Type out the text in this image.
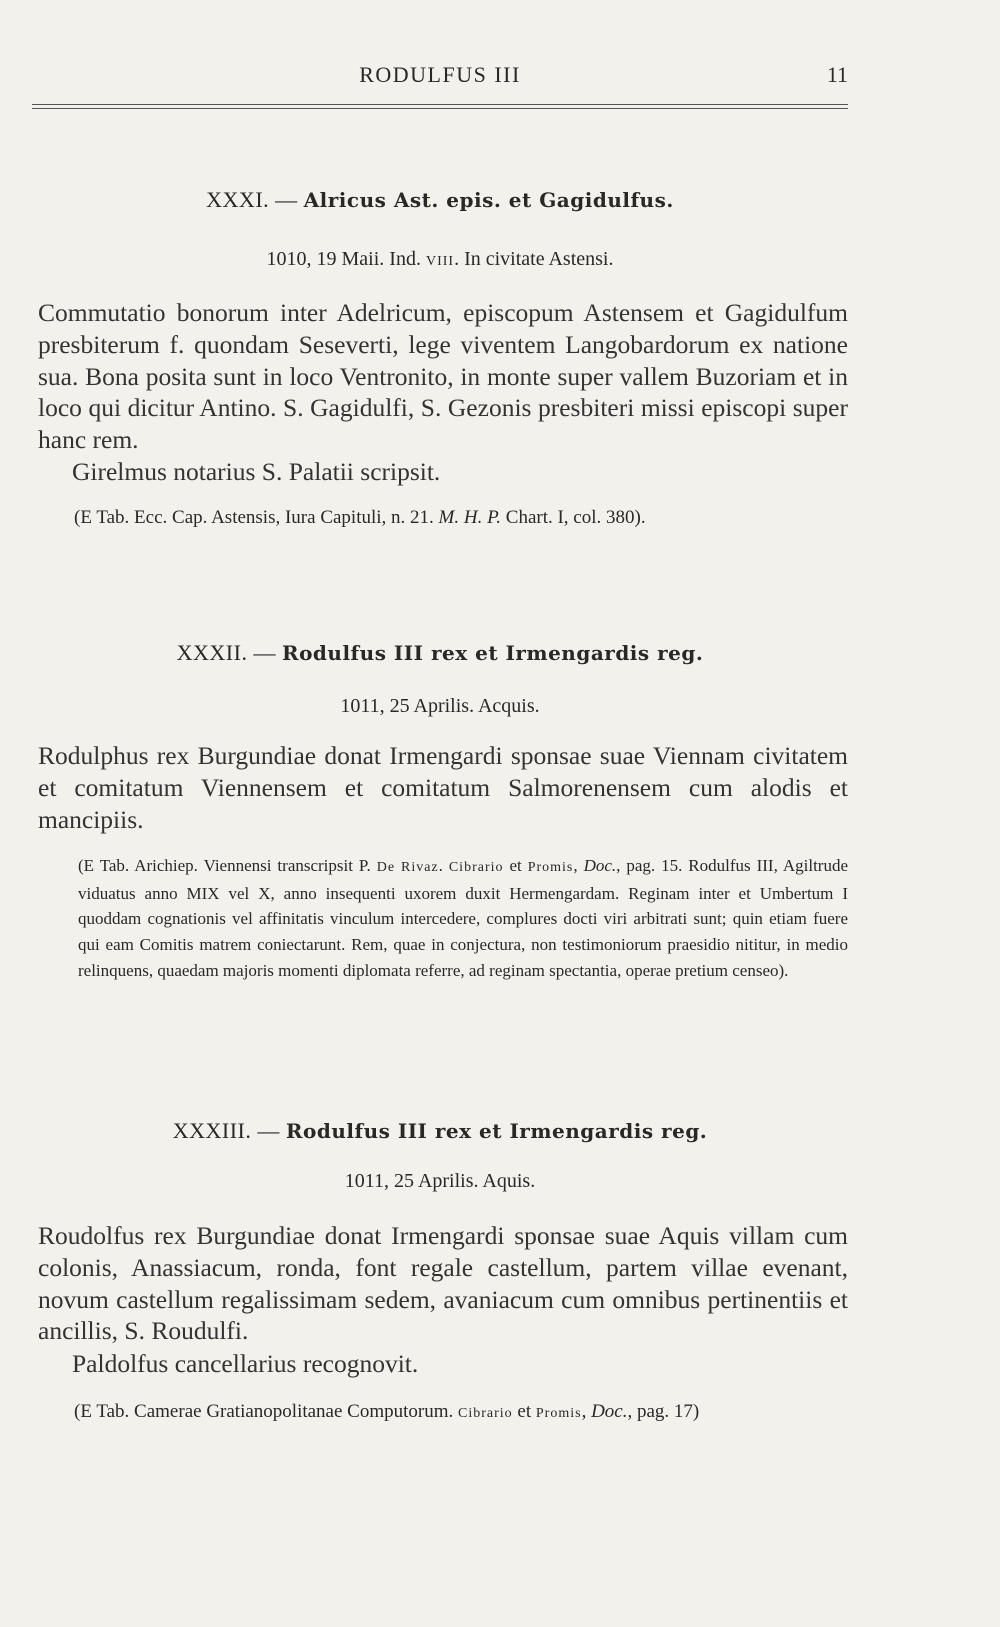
RODULFUS III	11
XXXI. — Alricus Ast. epis. et Gagidulfus.
1010, 19 Maii. Ind. VIII. In civitate Astensi.

Commutatio bonorum inter Adelricum, episcopum Astensem et Gagidulfum presbiterum f. quondam Seseverti, lege viventem Langobardorum ex natione sua. Bona posita sunt in loco Ventronito, in monte super vallem Buzoriam et in loco qui dicitur Antino. S. Gagidulfi, S. Gezonis presbiteri missi episcopi super hanc rem.

Girelmus notarius S. Palatii scripsit.

(E Tab. Ecc. Cap. Astensis, Iura Capituli, n. 21. M. H. P. Chart. I, col. 380).

XXXII. — Rodulfus III rex et Irmengardis reg.
1011, 25 Aprilis. Acquis.

Rodulphus rex Burgundiae donat Irmengardi sponsae suae Viennam civitatem et comitatum Viennensem et comitatum Salmorenensem cum alodis et mancipiis.

(E Tab. Arichiep. Viennensi transcripsit P. De Rivaz. Cibrario et Promis, Doc., pag. 15. Rodulfus III, Agiltrude viduatus anno MIX vel X, anno insequenti uxorem duxit Hermengardam. Reginam inter et Umbertum I quoddam cognationis vel affinitatis vinculum intercedere, complures docti viri arbitrati sunt; quin etiam fuere qui eam Comitis matrem coniectarunt. Rem, quae in conjectura, non testimoniorum praesidio nititur, in medio relinquens, quaedam majoris momenti diplomata referre, ad reginam spectantia, operae pretium censeo).

XXXIII. — Rodulfus III rex et Irmengardis reg.
1011, 25 Aprilis. Aquis.

Roudolfus rex Burgundiae donat Irmengardi sponsae suae Aquis villam cum colonis, Anassiacum, ronda, font regale castellum, partem villae evenant, novum castellum regalissimam sedem, avaniacum cum omnibus pertinentiis et ancillis, S. Roudulfi.

Paldolfus cancellarius recognovit.

(E Tab. Camerae Gratianopolitanae Computorum. Cibrario et Promis, Doc., pag. 17)
